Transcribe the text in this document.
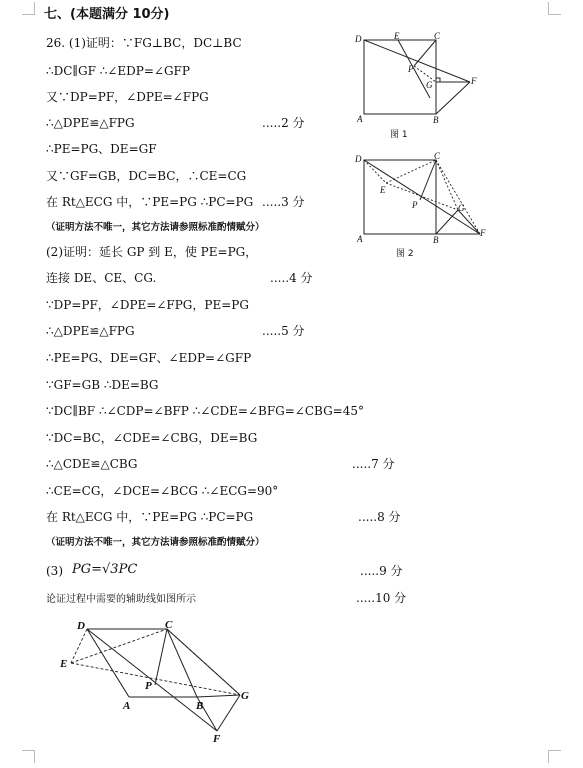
七、(本题满分 10分)
26. (1)证明：∵FG⊥BC，DC⊥BC
∴DC∥GF ∴∠EDP=∠GFP
又∵DP=PF，∠DPE=∠FPG
∴△DPE≌△FPG	.....2 分
∴PE=PG、DE=GF
又∵GF=GB，DC=BC，∴CE=CG
在 Rt△ECG 中，∵PE=PG ∴PC=PG .....3 分
（证明方法不唯一，其它方法请参照标准酌情赋分）
(2)证明：延长 GP 到 E，使 PE=PG，
连接 DE、CE、CG.	.....4 分
∵DP=PF，∠DPE=∠FPG，PE=PG
∴△DPE≌△FPG	.....5 分
∴PE=PG、DE=GF、∠EDP=∠GFP
∵GF=GB ∴DE=BG
∵DC∥BF ∴∠CDP=∠BFP ∴∠CDE=∠BFG=∠CBG=45°
∵DC=BC，∠CDE=∠CBG，DE=BG
∴△CDE≌△CBG	.....7 分
∴CE=CG，∠DCE=∠BCG ∴∠ECG=90°
在 Rt△ECG 中，∵PE=PG ∴PC=PG	.....8 分
（证明方法不唯一，其它方法请参照标准酌情赋分）
(3) PG=√3PC	.....9 分
论证过程中需要的辅助线如图所示	.....10 分
D	E	C
P
G	F
A	B
图 1
D	C
E
P	G
F
A	B
图 2
D	C
E
P
G
A	B
F
